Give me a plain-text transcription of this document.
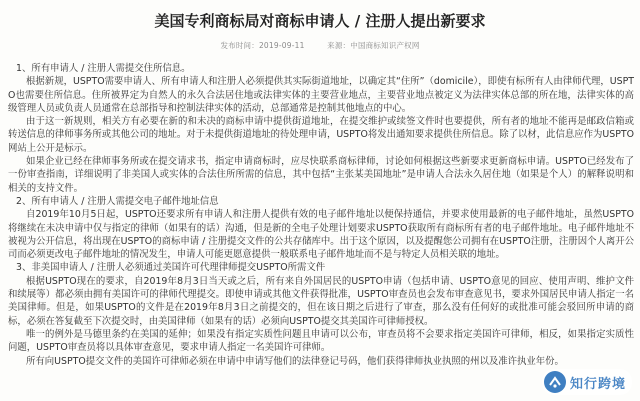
美国专利商标局对商标申请人 / 注册人提出新要求
发布时间：2019-09-11	来源：中国商标知识产权网

1、所有申请人 / 注册人需提交住所信息。

根据新规，USPTO需要申请人、所有申请人和注册人必须提供其实际街道地址，以确定其“住所”（domicile），即使有标所有人由律师代理，USPTO也需要住所信息。住所被界定为自然人的永久合法居住地或法律实体的主要营业地点，主要营业地点被定义为法律实体总部的所在地，法律实体的高级管理人员或负责人员通常在总部指导和控制法律实体的活动，总部通常是控制其他地点的中心。

由于这一新规则，相关方有必要在新的和未决的商标申请中提供街道地址，在提交维护或续签文件时也要提供，所有者的地址不能再是邮政信箱或转送信息的律师事务所或其他公司的地址。对于未提供街道地址的待处理申请，USPTO将发出通知要求提供住所信息。除了以材，此信息应作为USPTO网站上公开是标示。

如果企业已经在律师事务所或在提交请求书，指定申请商标时，应尽快联系商标律师，讨论如何根据这些新要求更新商标申请。USPTO已经发布了一份审查指南，详细说明了非美国人或实体的合法住所所需的信息，其中包括“主张某美国地址”是申请人合法永久居住地（如果是个人）的解释说明和相关的支持文件。

2、所有申请人 / 注册人需提交电子邮件地址信息

自2019年10月5日起，USPTO还要求所有申请人和注册人提供有效的电子邮件地址以便保持通信，并要求使用最新的电子邮件地址，虽然USPTO将继续在未决申请中仅与指定的律师（如果有的话）沟通，但是新的全电子处理计划要求USPTO获取所有商标所有者的电子邮件地址。电子邮件地址不被视为公开信息，将出现在USPTO的商标申请 / 注册提交文件的公共存储库中。出于这个原因，以及提醒您公司拥有在USPTO注册，注册因个人离开公司而必须更改电子邮件地址的情况发生，申请人可能更愿意提供一般联系电子邮件地址而不是与特定人员相关联的地址。

3、非美国申请人 / 注册人必须通过美国许可代理律师提交USPTO所需文件

根据USPTO现在的要求，自2019年8月3日当天或之后，所有来自外国居民的USPTO申请（包括申请、USPTO意见的回应、使用声明、维护文件和续展等）都必须由拥有美国许可的律师代理提交。即使申请或其他文件获得批准，USPTO审查员也会发布审查意见书，要求外国居民申请人指定一名美国律师。但是，如果USPTO的文件是在2019年8月3日之前提交的，但在该日期之后进行了审查，那么没有任何好的或批准可能会驳回所申请的商标，必须在答复截至下次提交时，由美国律师（如果有的话）必须向USPTO提交其美国许可律师授权。

唯一的例外是马德里条约在美国的延伸；如果没有指定实质性问题且申请可以公布，审查员将不会要求指定美国许可律师，相反，如果指定实质性问题，USPTO审查员将以具体审查意见，要求申请人指定一名美国许可律师。

所有向USPTO提交文件的美国许可律师必须在申请中申请写他们的法律登记号码，他们获得律师执业执照的州以及准许执业年份。

知行跨境
